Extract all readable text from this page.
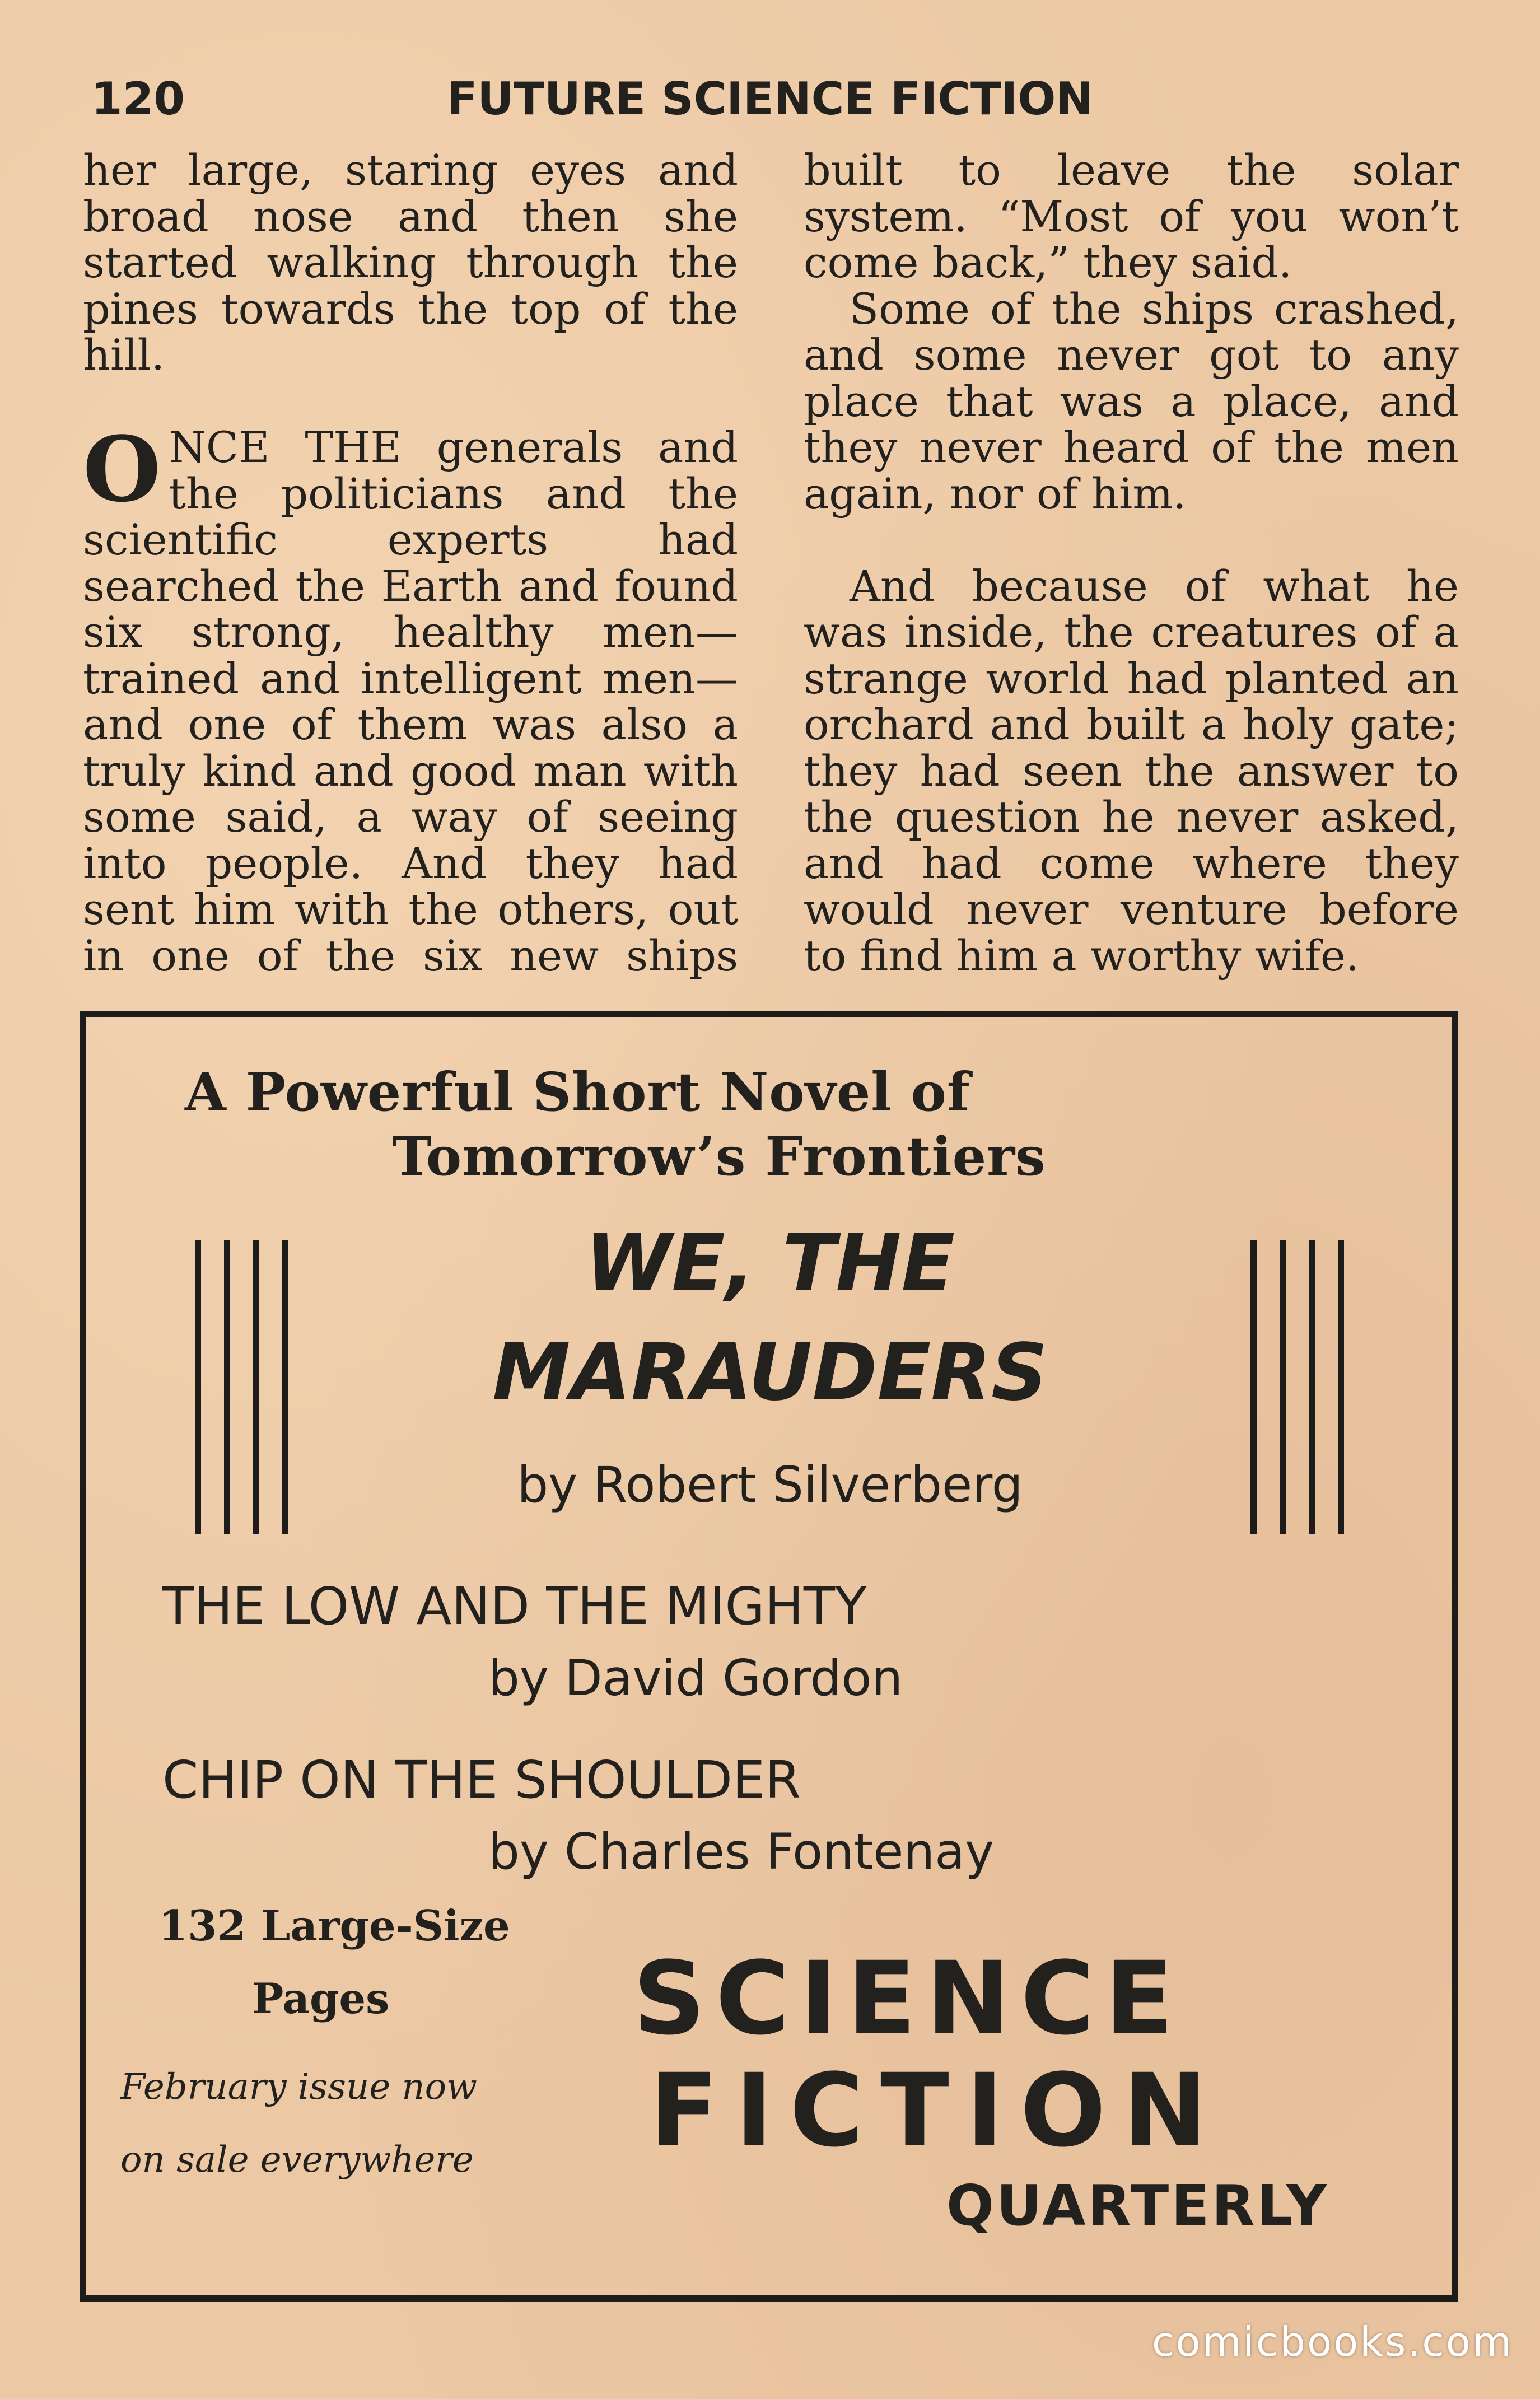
120	FUTURE SCIENCE FICTION

her large, staring eyes and broad nose and then she started walking through the pines towards the top of the hill.

ONCE THE generals and the politicians and the scientific experts had searched the Earth and found six strong, healthy men—trained and intelligent men—and one of them was also a truly kind and good man with some said, a way of seeing into people. And they had sent him with the others, out in one of the six new ships

built to leave the solar system. “Most of you won’t come back,” they said.

Some of the ships crashed, and some never got to any place that was a place, and they never heard of the men again, nor of him.

And because of what he was inside, the creatures of a strange world had planted an orchard and built a holy gate; they had seen the answer to the question he never asked, and had come where they would never venture before to find him a worthy wife.

A Powerful Short Novel of
Tomorrow’s Frontiers
WE, THE
MARAUDERS
by Robert Silverberg
THE LOW AND THE MIGHTY
by David Gordon
CHIP ON THE SHOULDER
by Charles Fontenay
132 Large-Size
Pages
February issue now
on sale everywhere
SCIENCE
FICTION
QUARTERLY
comicbooks.com
